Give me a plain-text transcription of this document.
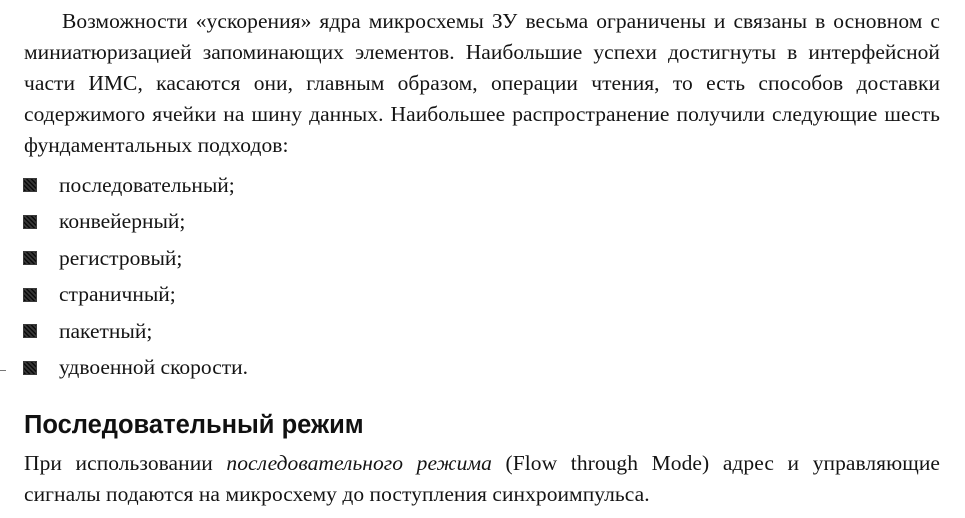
Возможности «ускорения» ядра микросхемы ЗУ весьма ограничены и связаны в основном с миниатюризацией запоминающих элементов. Наибольшие успехи достигнуты в интерфейсной части ИМС, касаются они, главным образом, операции чтения, то есть способов доставки содержимого ячейки на шину данных. Наибольшее распространение получили следующие шесть фундаментальных подходов:

последовательный;
конвейерный;
регистровый;
страничный;
пакетный;
удвоенной скорости.
Последовательный режим

При использовании последовательного режима (Flow through Mode) адрес и управляющие сигналы подаются на микросхему до поступления синхроимпульса.
